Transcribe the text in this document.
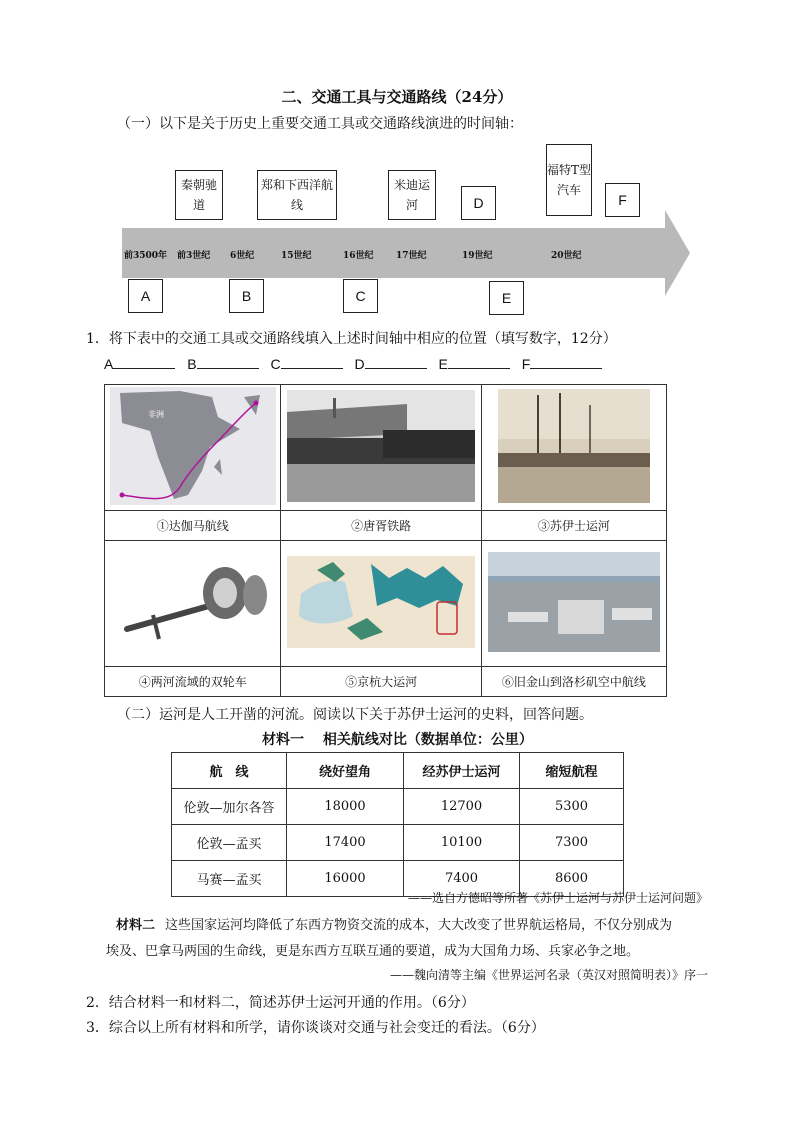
二、交通工具与交通路线（24分）
（一）以下是关于历史上重要交通工具或交通路线演进的时间轴：
秦朝驰道
郑和下西洋航线
米迪运河	D
福特T型汽车
F
前3500年 前3世纪 6世纪	15世纪	16世纪 17世纪	19世纪	20世纪
A	B	C	E
1．将下表中的交通工具或交通路线填入上述时间轴中相应的位置（填写数字，12分）
A	B	C	D	E	F
非洲

①达伽马航线	②唐胥铁路	③苏伊士运河

④两河流域的双轮车	⑤京杭大运河	⑥旧金山到洛杉矶空中航线
（二）运河是人工开凿的河流。阅读以下关于苏伊士运河的史料，回答问题。
材料一　 相关航线对比（数据单位：公里）
航　线	绕好望角	经苏伊士运河	缩短航程
伦敦—加尔各答	18000	12700	5300
伦敦—孟买	17400	10100	7300
马赛—孟买	16000	7400	8600
——选自方德昭等所著《苏伊士运河与苏伊士运河问题》
材料二 这些国家运河均降低了东西方物资交流的成本，大大改变了世界航运格局，不仅分别成为
埃及、巴拿马两国的生命线，更是东西方互联互通的要道，成为大国角力场、兵家必争之地。
——魏向清等主编《世界运河名录（英汉对照简明表）》序一
2．结合材料一和材料二，简述苏伊士运河开通的作用。（6分）
3．综合以上所有材料和所学，请你谈谈对交通与社会变迁的看法。（6分）
